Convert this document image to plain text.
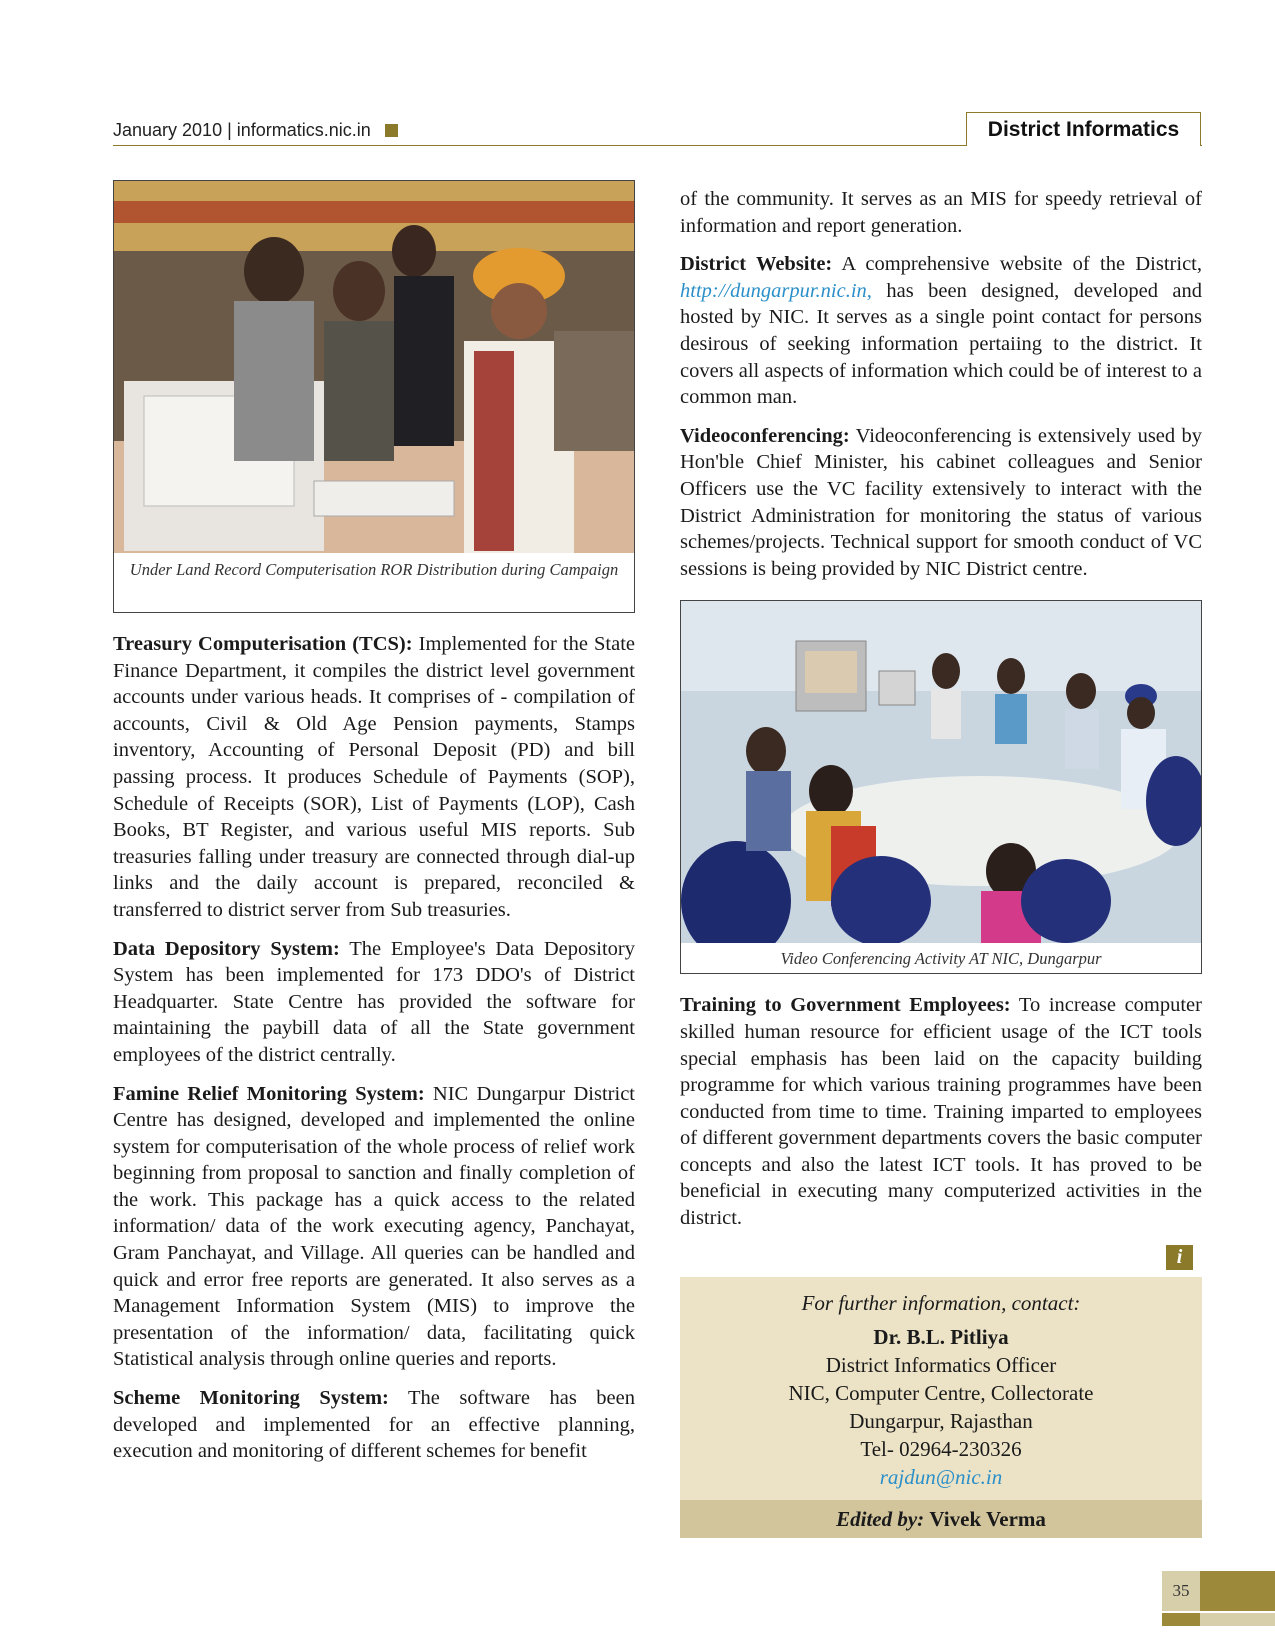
January 2010 | informatics.nic.in	District Informatics
Under Land Record Computerisation ROR Distribution during Campaign

Treasury Computerisation (TCS): Implemented for the State Finance Department, it compiles the district level government accounts under various heads. It comprises of - compilation of accounts, Civil & Old Age Pension payments, Stamps inventory, Accounting of Personal Deposit (PD) and bill passing process. It produces Schedule of Payments (SOP), Schedule of Receipts (SOR), List of Payments (LOP), Cash Books, BT Register, and various useful MIS reports. Sub treasuries falling under treasury are connected through dial-up links and the daily account is prepared, reconciled & transferred to district server from Sub treasuries.

Data Depository System: The Employee's Data Depository System has been implemented for 173 DDO's of District Headquarter. State Centre has provided the software for maintaining the paybill data of all the State government employees of the district centrally.

Famine Relief Monitoring System: NIC Dungarpur District Centre has designed, developed and implemented the online system for computerisation of the whole process of relief work beginning from proposal to sanction and finally completion of the work. This package has a quick access to the related information/ data of the work executing agency, Panchayat, Gram Panchayat, and Village. All queries can be handled and quick and error free reports are generated. It also serves as a Management Information System (MIS) to improve the presentation of the information/ data, facilitating quick Statistical analysis through online queries and reports.

Scheme Monitoring System: The software has been developed and implemented for an effective planning, execution and monitoring of different schemes for benefit

of the community. It serves as an MIS for speedy retrieval of information and report generation.

District Website: A comprehensive website of the District, http://dungarpur.nic.in, has been designed, developed and hosted by NIC. It serves as a single point contact for persons desirous of seeking information pertaiing to the district. It covers all aspects of information which could be of interest to a common man.

Videoconferencing: Videoconferencing is extensively used by Hon'ble Chief Minister, his cabinet colleagues and Senior Officers use the VC facility extensively to interact with the District Administration for monitoring the status of various schemes/projects. Technical support for smooth conduct of VC sessions is being provided by NIC District centre.

Video Conferencing Activity AT NIC, Dungarpur

Training to Government Employees: To increase computer skilled human resource for efficient usage of the ICT tools special emphasis has been laid on the capacity building programme for which various training programmes have been conducted from time to time. Training imparted to employees of different government departments covers the basic computer concepts and also the latest ICT tools. It has proved to be beneficial in executing many computerized activities in the district.

i
For further information, contact:
Dr. B.L. Pitliya
District Informatics Officer
NIC, Computer Centre, Collectorate
Dungarpur, Rajasthan
Tel- 02964-230326
rajdun@nic.in
Edited by: Vivek Verma
35
